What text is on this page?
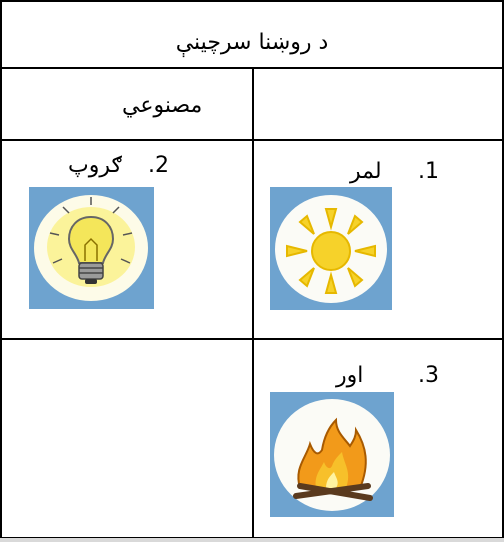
د روښنا سرچینې
مصنوعي
لمر .1
ګروپ .2
اور .3
